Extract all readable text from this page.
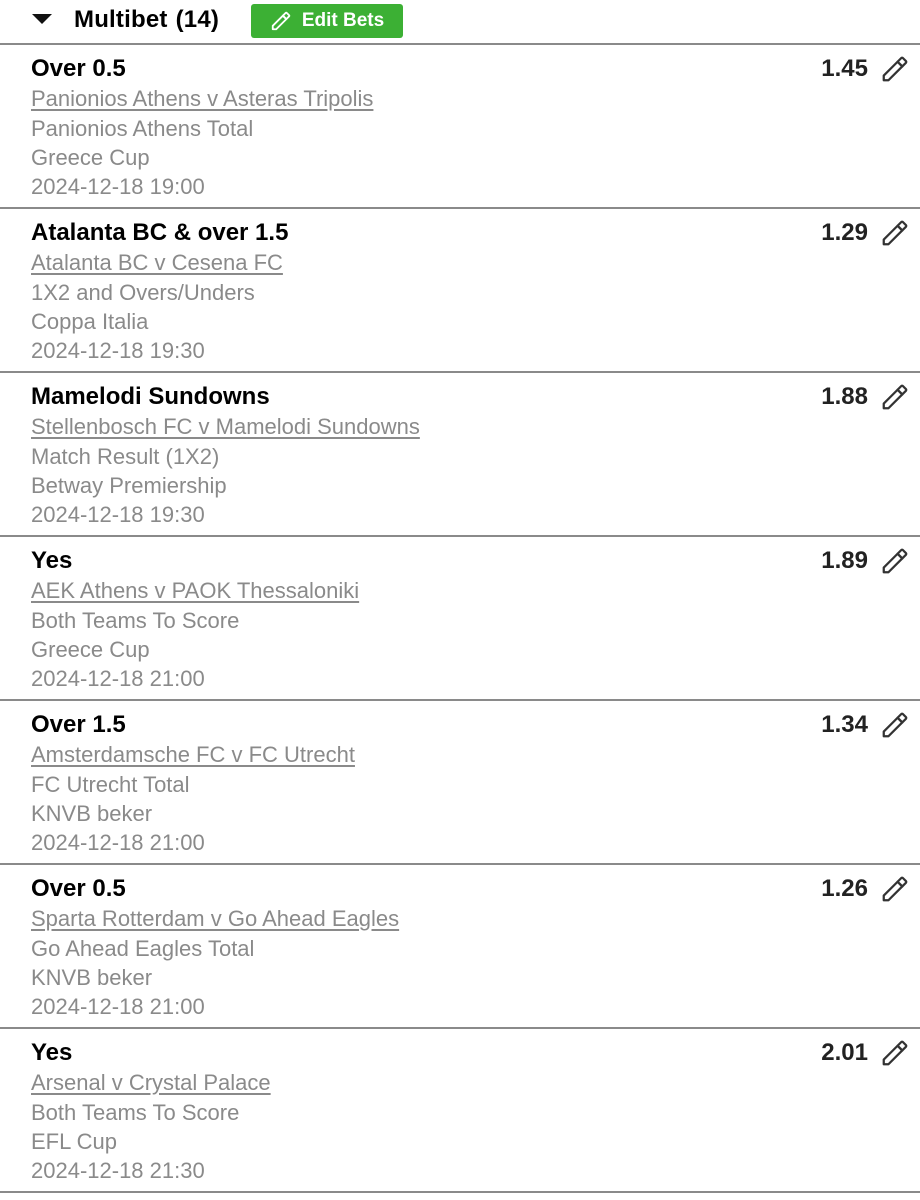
Multibet (14)	Edit Bets
Over 0.5	1.45
Panionios Athens v Asteras Tripolis
Panionios Athens Total
Greece Cup
2024-12-18 19:00
Atalanta BC & over 1.5	1.29
Atalanta BC v Cesena FC
1X2 and Overs/Unders
Coppa Italia
2024-12-18 19:30
Mamelodi Sundowns	1.88
Stellenbosch FC v Mamelodi Sundowns
Match Result (1X2)
Betway Premiership
2024-12-18 19:30
Yes	1.89
AEK Athens v PAOK Thessaloniki
Both Teams To Score
Greece Cup
2024-12-18 21:00
Over 1.5	1.34
Amsterdamsche FC v FC Utrecht
FC Utrecht Total
KNVB beker
2024-12-18 21:00
Over 0.5	1.26
Sparta Rotterdam v Go Ahead Eagles
Go Ahead Eagles Total
KNVB beker
2024-12-18 21:00
Yes	2.01
Arsenal v Crystal Palace
Both Teams To Score
EFL Cup
2024-12-18 21:30
